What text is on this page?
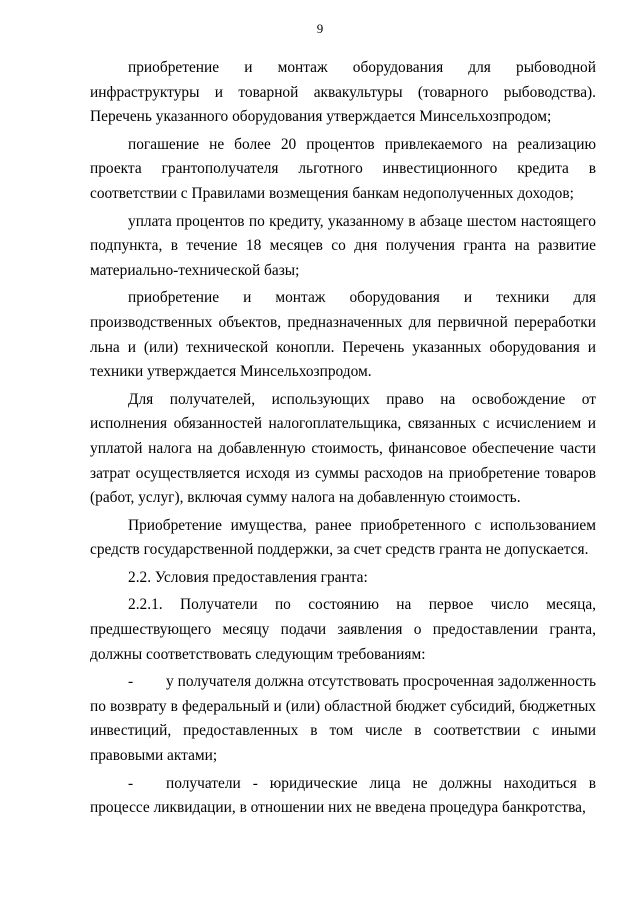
9

приобретение и монтаж оборудования для рыбоводной инфраструктуры и товарной аквакультуры (товарного рыбоводства). Перечень указанного оборудования утверждается Минсельхозпродом;

погашение не более 20 процентов привлекаемого на реализацию проекта грантополучателя льготного инвестиционного кредита в соответствии с Правилами возмещения банкам недополученных доходов;

уплата процентов по кредиту, указанному в абзаце шестом настоящего подпункта, в течение 18 месяцев со дня получения гранта на развитие материально-технической базы;

приобретение и монтаж оборудования и техники для производственных объектов, предназначенных для первичной переработки льна и (или) технической конопли. Перечень указанных оборудования и техники утверждается Минсельхозпродом.

Для получателей, использующих право на освобождение от исполнения обязанностей налогоплательщика, связанных с исчислением и уплатой налога на добавленную стоимость, финансовое обеспечение части затрат осуществляется исходя из суммы расходов на приобретение товаров (работ, услуг), включая сумму налога на добавленную стоимость.

Приобретение имущества, ранее приобретенного с использованием средств государственной поддержки, за счет средств гранта не допускается.

2.2. Условия предоставления гранта:

2.2.1. Получатели по состоянию на первое число месяца, предшествующего месяцу подачи заявления о предоставлении гранта, должны соответствовать следующим требованиям:

- у получателя должна отсутствовать просроченная задолженность по возврату в федеральный и (или) областной бюджет субсидий, бюджетных инвестиций, предоставленных в том числе в соответствии с иными правовыми актами;

- получатели - юридические лица не должны находиться в процессе ликвидации, в отношении них не введена процедура банкротства,
